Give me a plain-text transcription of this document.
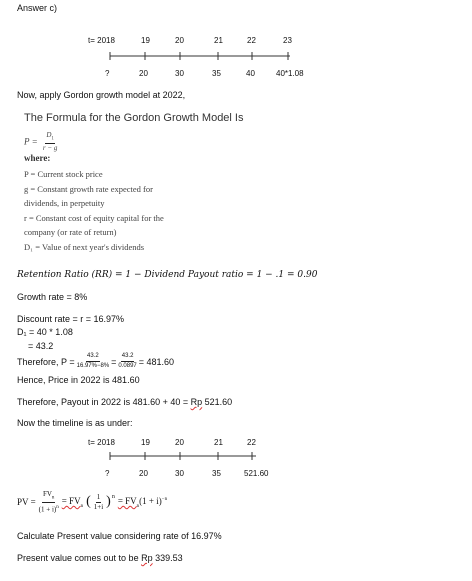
Answer c)
t= 2018	19	20	21	22	23
?	20	30	35	40	40*1.08
Now, apply Gordon growth model at 2022,
The Formula for the Gordon Growth Model Is
$P = \frac{D_1}{r - g}$
where:
P = Current stock price
g = Constant growth rate expected for
dividends, in perpetuity
r = Constant cost of equity capital for the
company (or rate of return)
D₁ = Value of next year's dividends
Retention Ratio (RR) = 1 − Dividend Payout ratio = 1 − .1 = 0.90
Growth rate = 8%
Discount rate = r = 16.97%
D₁ = 40 * 1.08
= 43.2
Therefore, $P = \frac{43.2}{16.97\%-8\%} = \frac{43.2}{0.0897} = 481.60$
Hence, Price in 2022 is 481.60
Therefore, Payout in 2022 is 481.60 + 40 = Rp 521.60
Now the timeline is as under:
t= 2018	19	20	21	22
?	20	30	35	521.60
PV = $\frac{FV_n}{(1 + i)^n} = FV_n$ ( $\frac{1}{1+i} )^n = FV_n(1 + i)^{-n}$
Calculate Present value considering rate of 16.97%
Present value comes out to be Rp 339.53
